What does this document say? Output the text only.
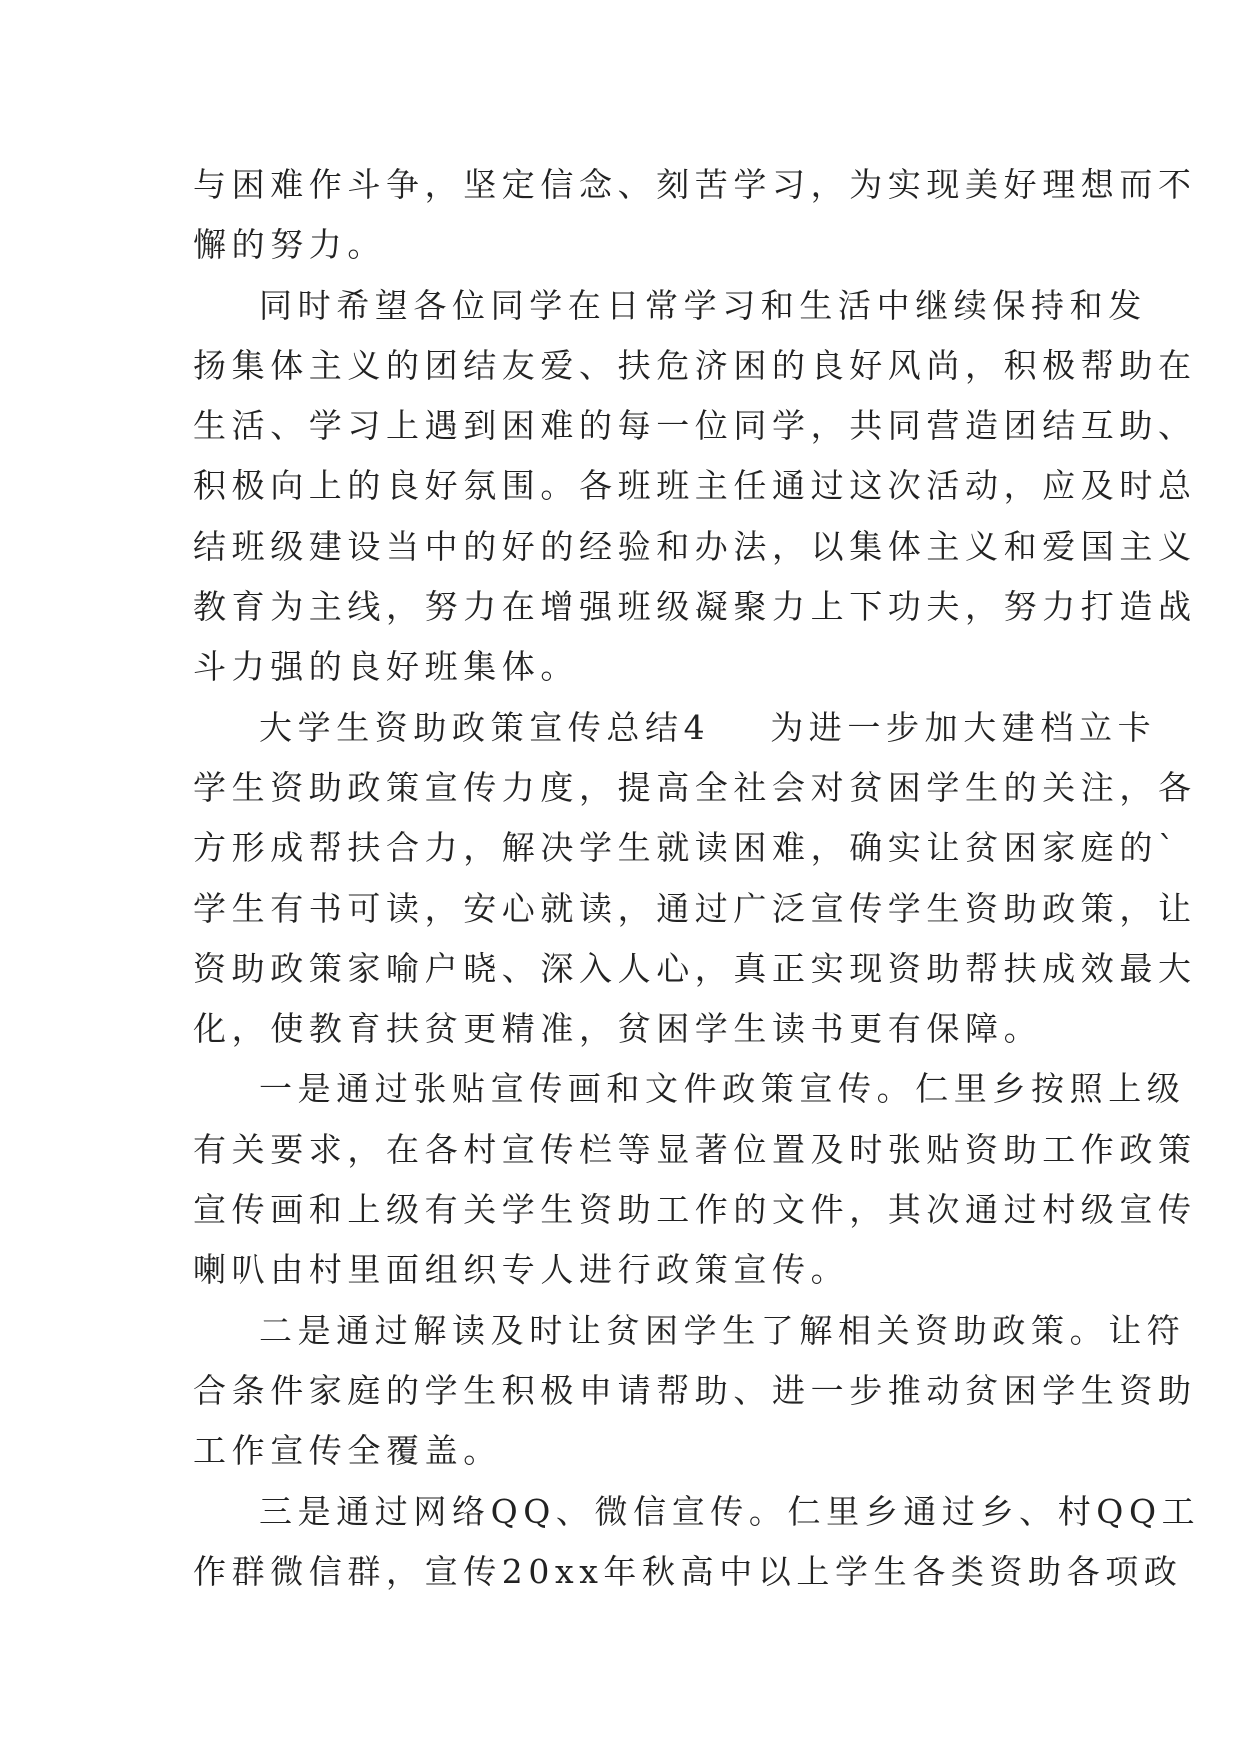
与困难作斗争，坚定信念、刻苦学习，为实现美好理想而不
懈的努力。
同时希望各位同学在日常学习和生活中继续保持和发
扬集体主义的团结友爱、扶危济困的良好风尚，积极帮助在
生活、学习上遇到困难的每一位同学，共同营造团结互助、
积极向上的良好氛围。各班班主任通过这次活动，应及时总
结班级建设当中的好的经验和办法，以集体主义和爱国主义
教育为主线，努力在增强班级凝聚力上下功夫，努力打造战
斗力强的良好班集体。
大学生资助政策宣传总结4 为进一步加大建档立卡
学生资助政策宣传力度，提高全社会对贫困学生的关注，各
方形成帮扶合力，解决学生就读困难，确实让贫困家庭的`
学生有书可读，安心就读，通过广泛宣传学生资助政策，让
资助政策家喻户晓、深入人心，真正实现资助帮扶成效最大
化，使教育扶贫更精准，贫困学生读书更有保障。
一是通过张贴宣传画和文件政策宣传。仁里乡按照上级
有关要求，在各村宣传栏等显著位置及时张贴资助工作政策
宣传画和上级有关学生资助工作的文件，其次通过村级宣传
喇叭由村里面组织专人进行政策宣传。
二是通过解读及时让贫困学生了解相关资助政策。让符
合条件家庭的学生积极申请帮助、进一步推动贫困学生资助
工作宣传全覆盖。
三是通过网络QQ、微信宣传。仁里乡通过乡、村QQ工
作群微信群，宣传20xx年秋高中以上学生各类资助各项政
